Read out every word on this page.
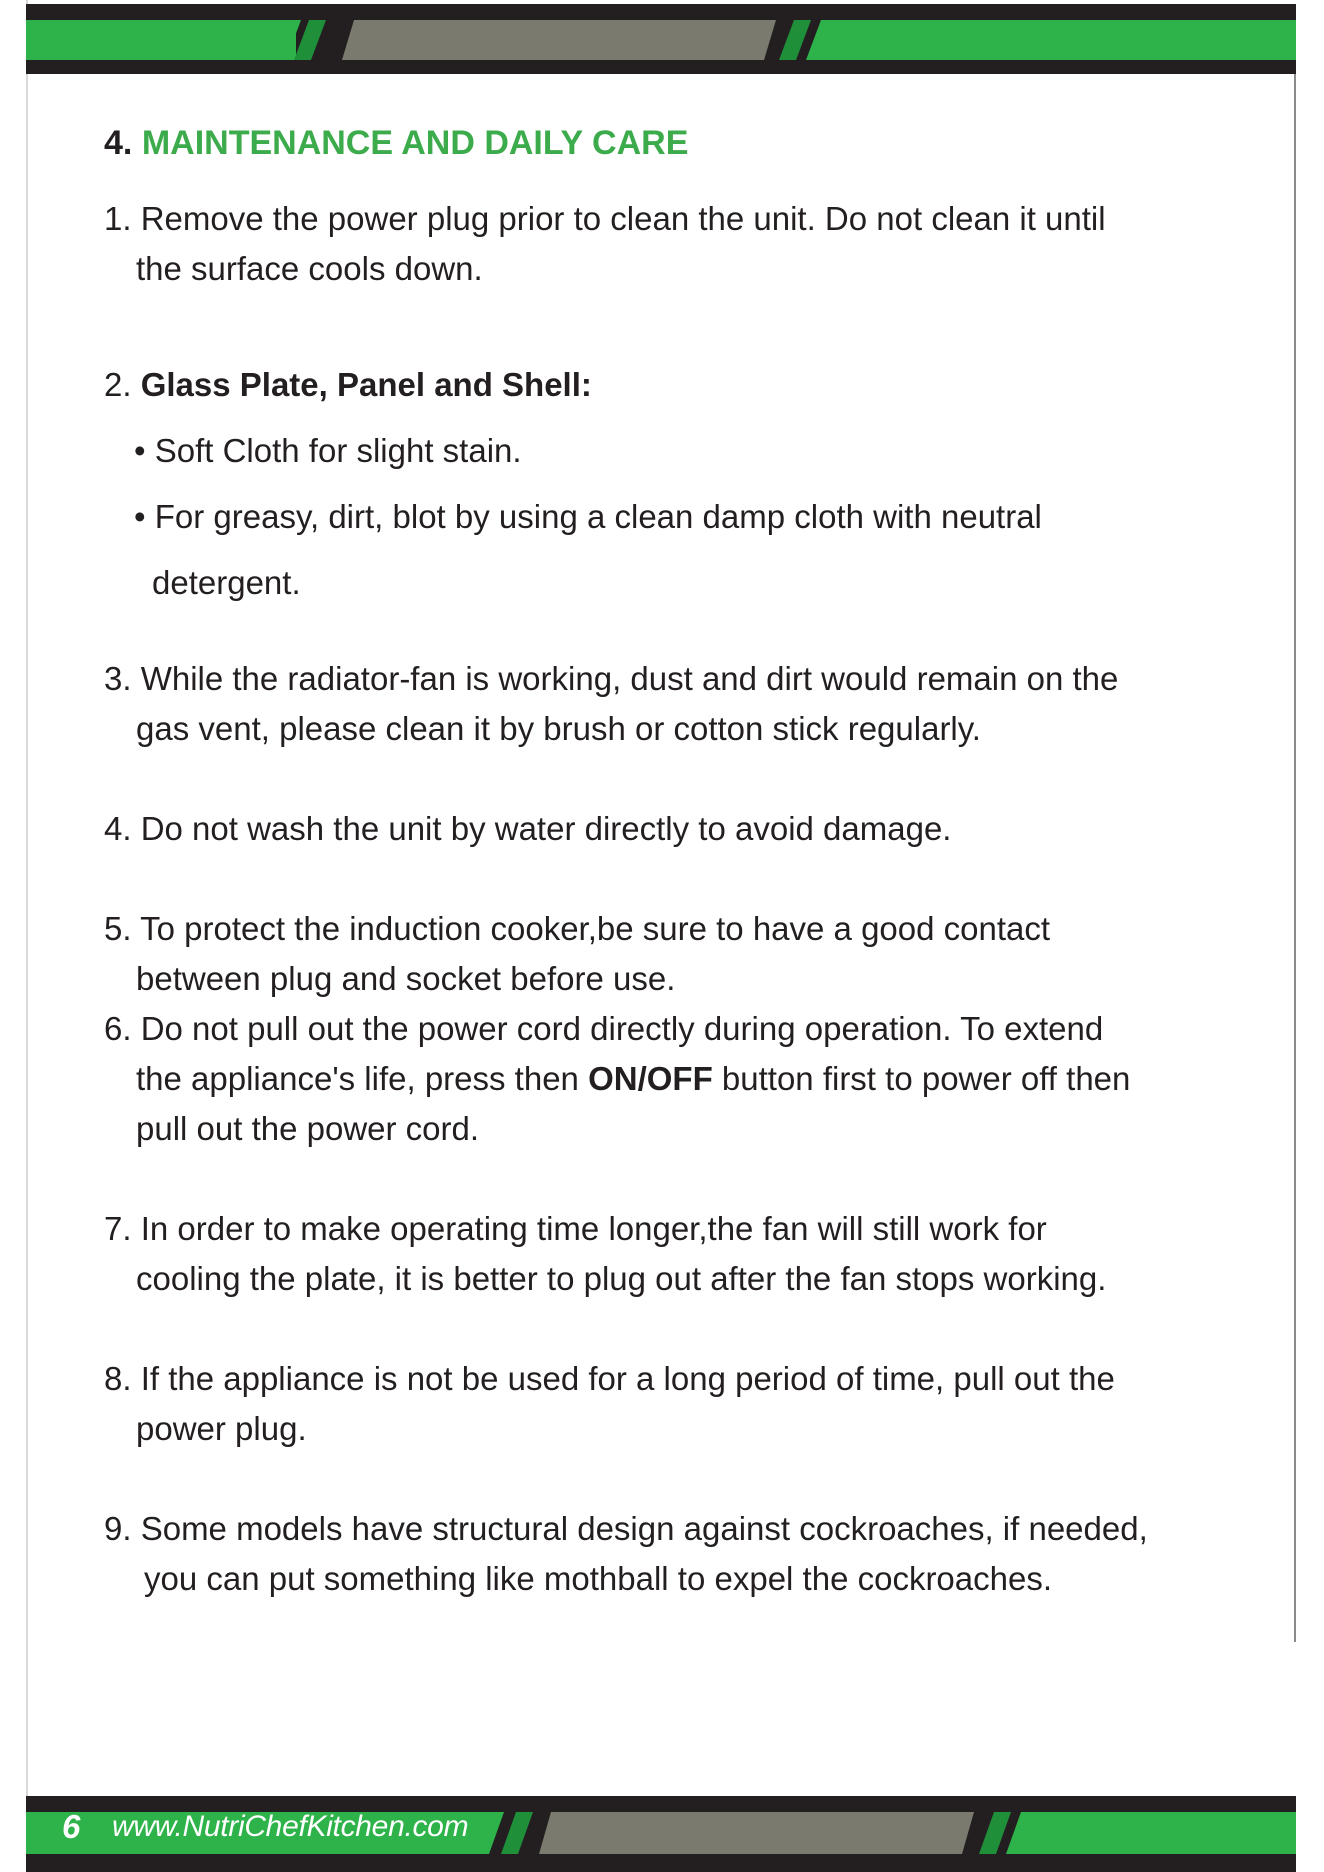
4. MAINTENANCE AND DAILY CARE
1. Remove the power plug prior to clean the unit. Do not clean it until
the surface cools down.
2. Glass Plate, Panel and Shell:
• Soft Cloth for slight stain.
• For greasy, dirt, blot by using a clean damp cloth with neutral
detergent.
3. While the radiator-fan is working, dust and dirt would remain on the
gas vent, please clean it by brush or cotton stick regularly.
4. Do not wash the unit by water directly to avoid damage.
5. To protect the induction cooker,be sure to have a good contact
between plug and socket before use.
6. Do not pull out the power cord directly during operation. To extend
the appliance's life, press then ON/OFF button first to power off then
pull out the power cord.
7. In order to make operating time longer,the fan will still work for
cooling the plate, it is better to plug out after the fan stops working.
8. If the appliance is not be used for a long period of time, pull out the
power plug.
9. Some models have structural design against cockroaches, if needed,
you can put something like mothball to expel the cockroaches.
6 www.NutriChefKitchen.com
